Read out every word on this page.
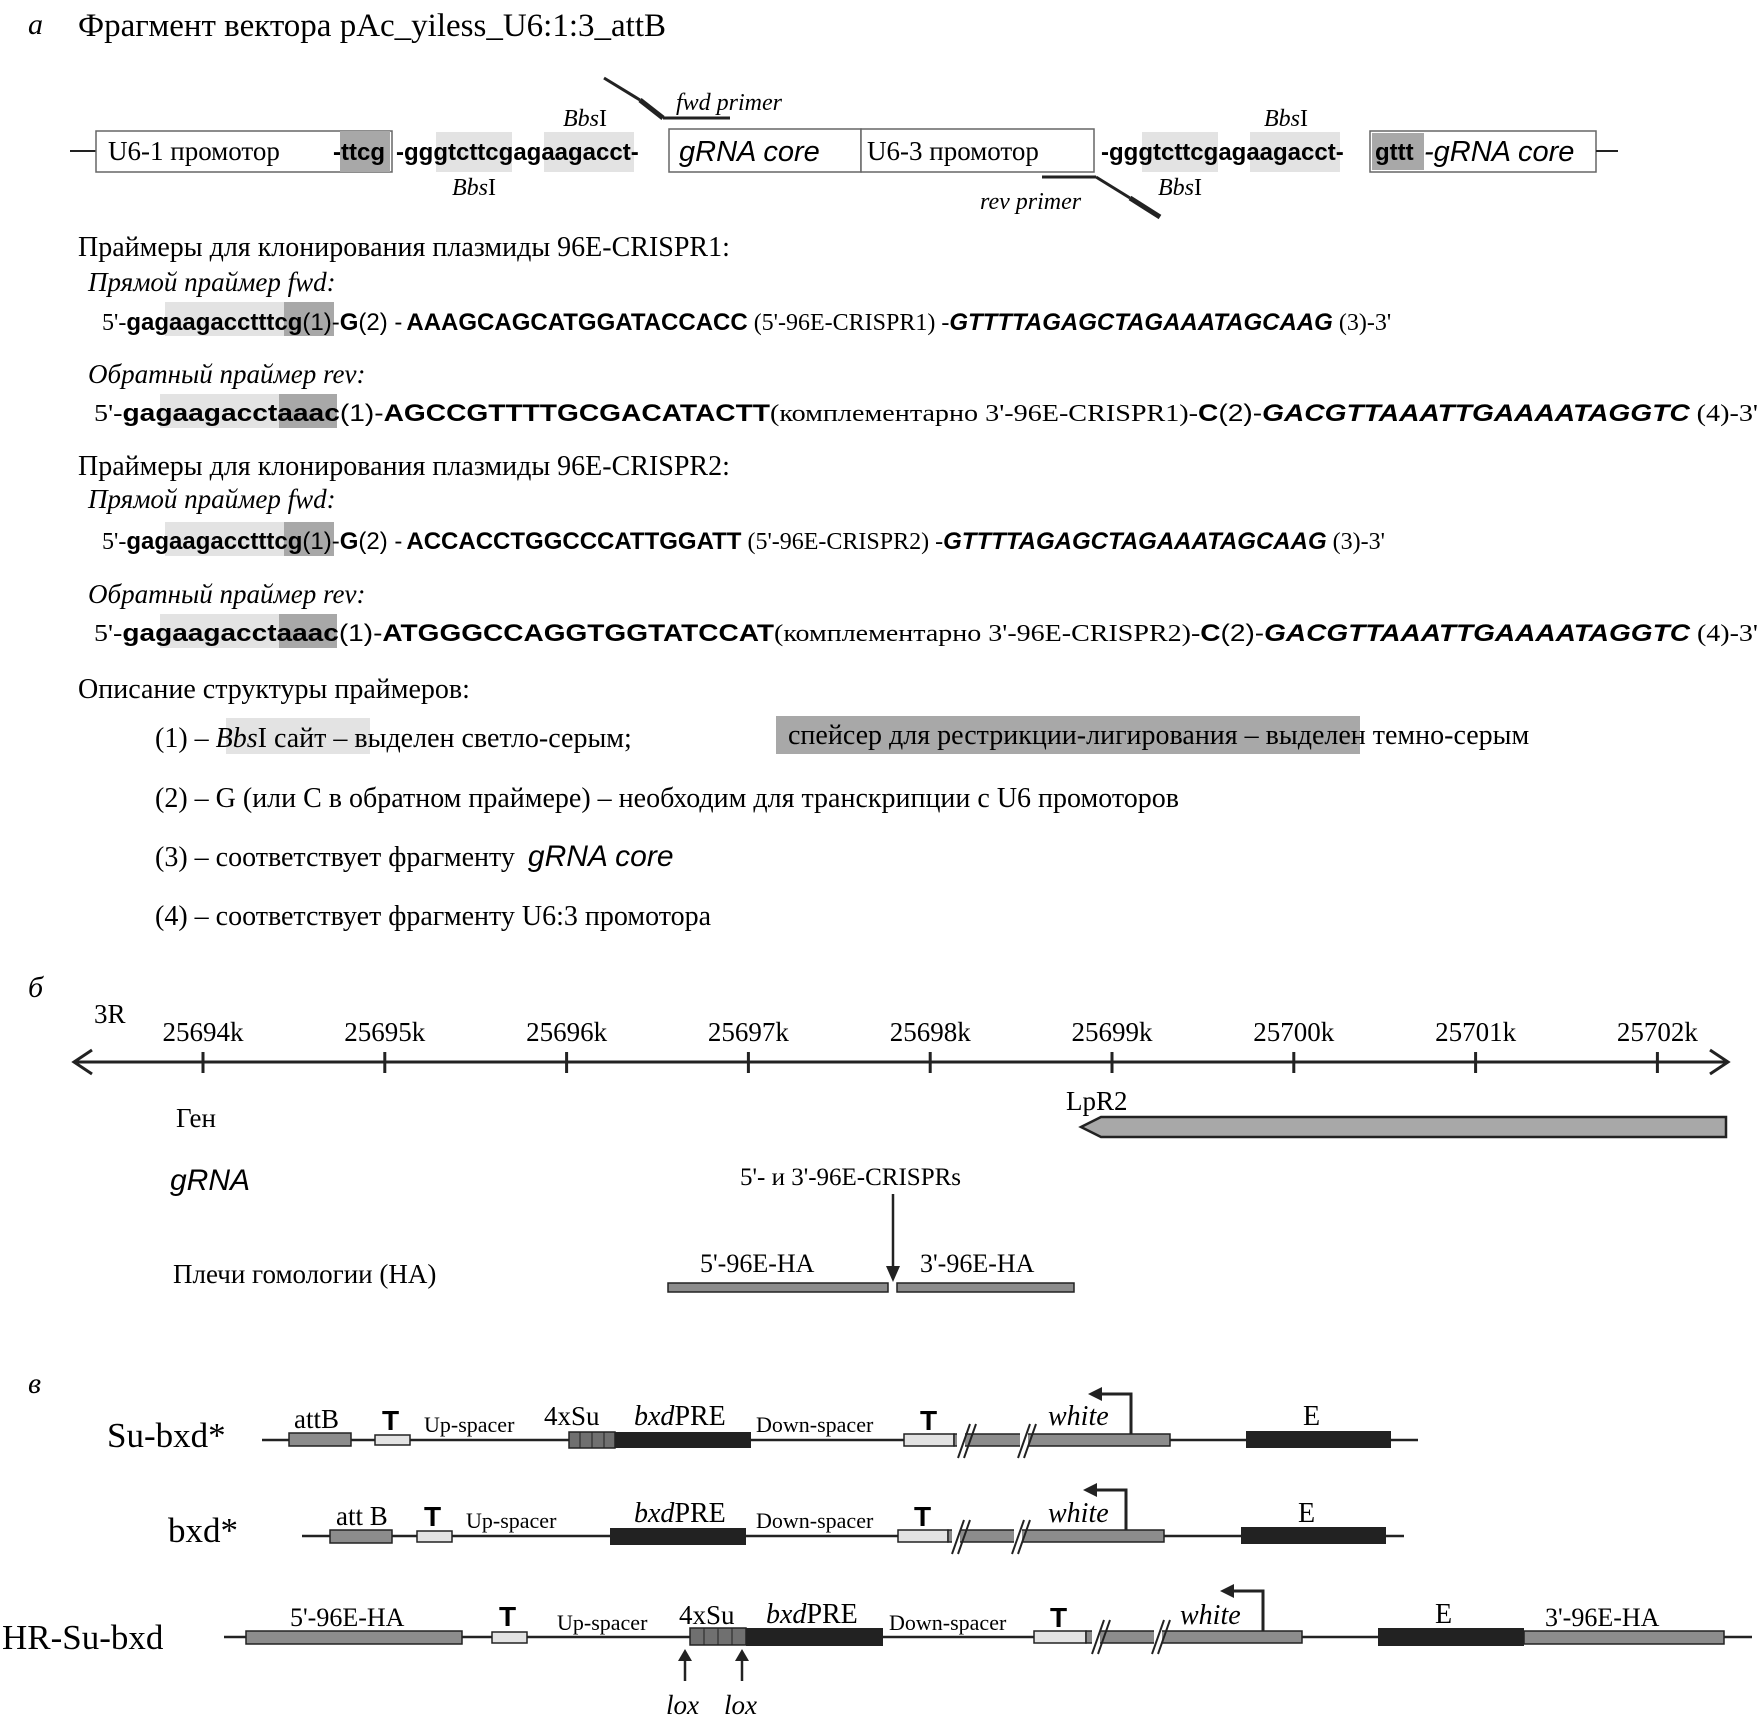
а Фрагмент вектора pAc_yiless_U6:1:3_attB
U6-1 промотор -ttcg -gggtcttcgagaagacct-
BbsI
BbsI
fwd primer
gRNA core U6-3 промотор	-gggtcttcgagaagacct-
BbsI
BbsI
gttt -gRNA core
rev primer
Праймеры для клонирования плазмиды 96E-CRISPR1:
Прямой праймер fwd:
5'-gagaagacctttcg(1)-G(2) - AAAGCAGCATGGATACCACC (5'-96E-CRISPR1) -GTTTTAGAGCTAGAAATAGCAAG (3)-3'
Обратный праймер rev:
5'- gagaagacct aaac (1)- AGCCGTTTTGCGACATACTT (комплементарно 3'-96E-CRISPR1)-	C (2)- GACGTTAAATTGAAAATAGGTC	(4)-3'
Праймеры для клонирования плазмиды 96E-CRISPR2:
Прямой праймер fwd:
5'-gagaagacctttcg(1)-G(2) - ACCACCTGGCCCATTGGATT (5'-96E-CRISPR2) -GTTTTAGAGCTAGAAATAGCAAG (3)-3'
Обратный праймер rev:
5'- gagaagacct aaac (1)- ATGGGCCAGGTGGTATCCAT (комплементарно 3'-96E-CRISPR2)-	C (2)- GACGTTAAATTGAAAATAGGTC	(4)-3'
Описание структуры праймеров:
(1) – BbsI сайт – выделен светло-серым;	спейсер для рестрикции-лигирования – выделен темно-серым
(2) – G (или C в обратном праймере) – необходим для транскрипции с U6 промоторов
(3) – соответствует фрагменту gRNA core
(4) – соответствует фрагменту U6:3 промотора
б
3R
25694k	25695k	25696k	25697k	25698k	25699k	25700k	25701k	25702k
Ген
LpR2
gRNA	5'- и 3'-96E-CRISPRs
Плечи гомологии (HA)	5'-96E-HA	3'-96E-HA
в
Su-bxd*	attB T Up-spacer 4xSu bxdPRE Down-spacer T	white	E
bxd*	att B T Up-spacer	bxdPRE Down-spacer T	white	E
HR-Su-bxd
5'-96E-HA	T Up-spacer 4xSu bxdPRE Down-spacer T	white	E	3'-96E-HA
lox lox
